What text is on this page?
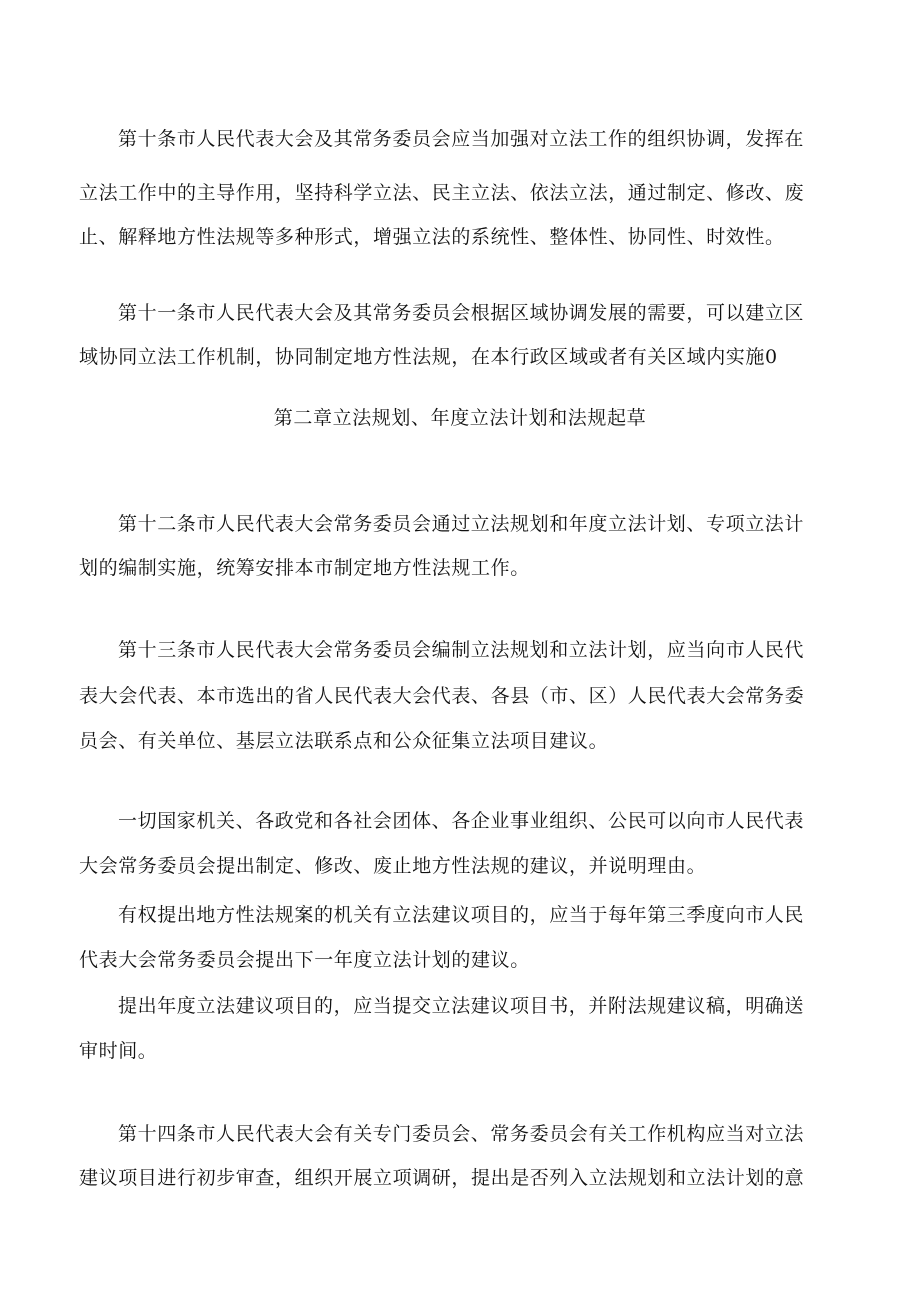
第十条市人民代表大会及其常务委员会应当加强对立法工作的组织协调，发挥在
立法工作中的主导作用，坚持科学立法、民主立法、依法立法，通过制定、修改、废
止、解释地方性法规等多种形式，增强立法的系统性、整体性、协同性、时效性。
第十一条市人民代表大会及其常务委员会根据区域协调发展的需要，可以建立区
域协同立法工作机制，协同制定地方性法规，在本行政区域或者有关区域内实施0
第二章立法规划、年度立法计划和法规起草
第十二条市人民代表大会常务委员会通过立法规划和年度立法计划、专项立法计
划的编制实施，统筹安排本市制定地方性法规工作。
第十三条市人民代表大会常务委员会编制立法规划和立法计划，应当向市人民代
表大会代表、本市选出的省人民代表大会代表、各县（市、区）人民代表大会常务委
员会、有关单位、基层立法联系点和公众征集立法项目建议。
一切国家机关、各政党和各社会团体、各企业事业组织、公民可以向市人民代表
大会常务委员会提出制定、修改、废止地方性法规的建议，并说明理由。
有权提出地方性法规案的机关有立法建议项目的，应当于每年第三季度向市人民
代表大会常务委员会提出下一年度立法计划的建议。
提出年度立法建议项目的，应当提交立法建议项目书，并附法规建议稿，明确送
审时间。
第十四条市人民代表大会有关专门委员会、常务委员会有关工作机构应当对立法
建议项目进行初步审查，组织开展立项调研，提出是否列入立法规划和立法计划的意
